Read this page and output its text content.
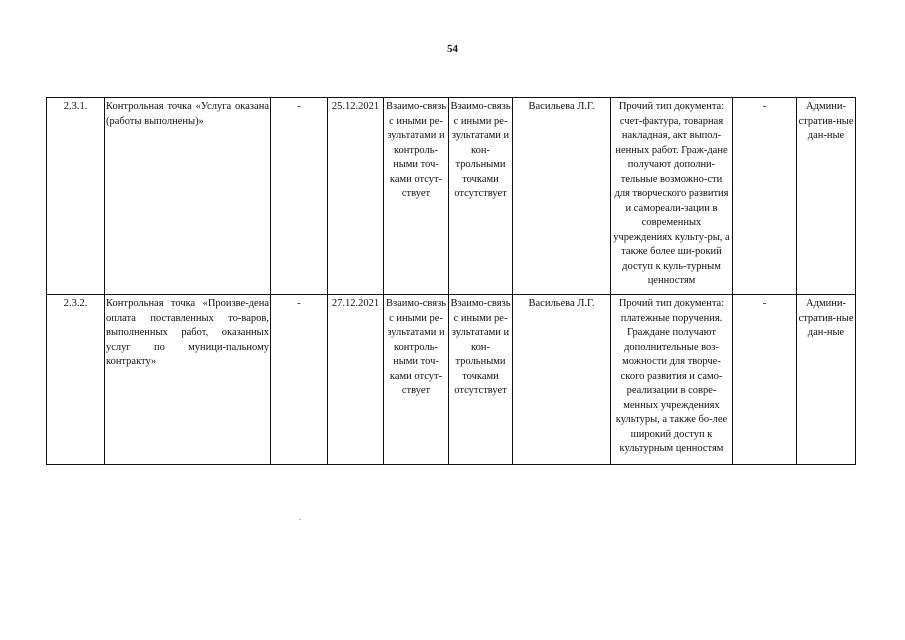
54
2.3.1.	Контрольная точка «Услуга оказана (работы выполнены)»	-	25.12.2021	Взаимо-связь с иными ре-зультатами и контроль-ными точ-ками отсут-ствует	Взаимо-связь с иными ре-зультатами и кон-трольными точками отсутствует	Васильева Л.Г.	Прочий тип документа: счет-фактура, товарная накладная, акт выпол-ненных работ. Граж-дане получают дополни-тельные возможно-сти для творческого развития и самореали-зации в современных учреждениях культу-ры, а также более ши-рокий доступ к куль-турным ценностям	-	Админи-стратив-ные дан-ные
2.3.2.	Контрольная точка «Произве-дена оплата поставленных то-варов, выполненных работ, оказанных услуг по муници-пальному контракту»	-	27.12.2021	Взаимо-связь с иными ре-зультатами и контроль-ными точ-ками отсут-ствует	Взаимо-связь с иными ре-зультатами и кон-трольными точками отсутствует	Васильева Л.Г.	Прочий тип документа: платежные поручения. Граждане получают дополнительные воз-можности для творче-ского развития и само-реализации в совре-менных учреждениях культуры, а также бо-лее широкий доступ к культурным ценностям	-	Админи-стратив-ные дан-ные
